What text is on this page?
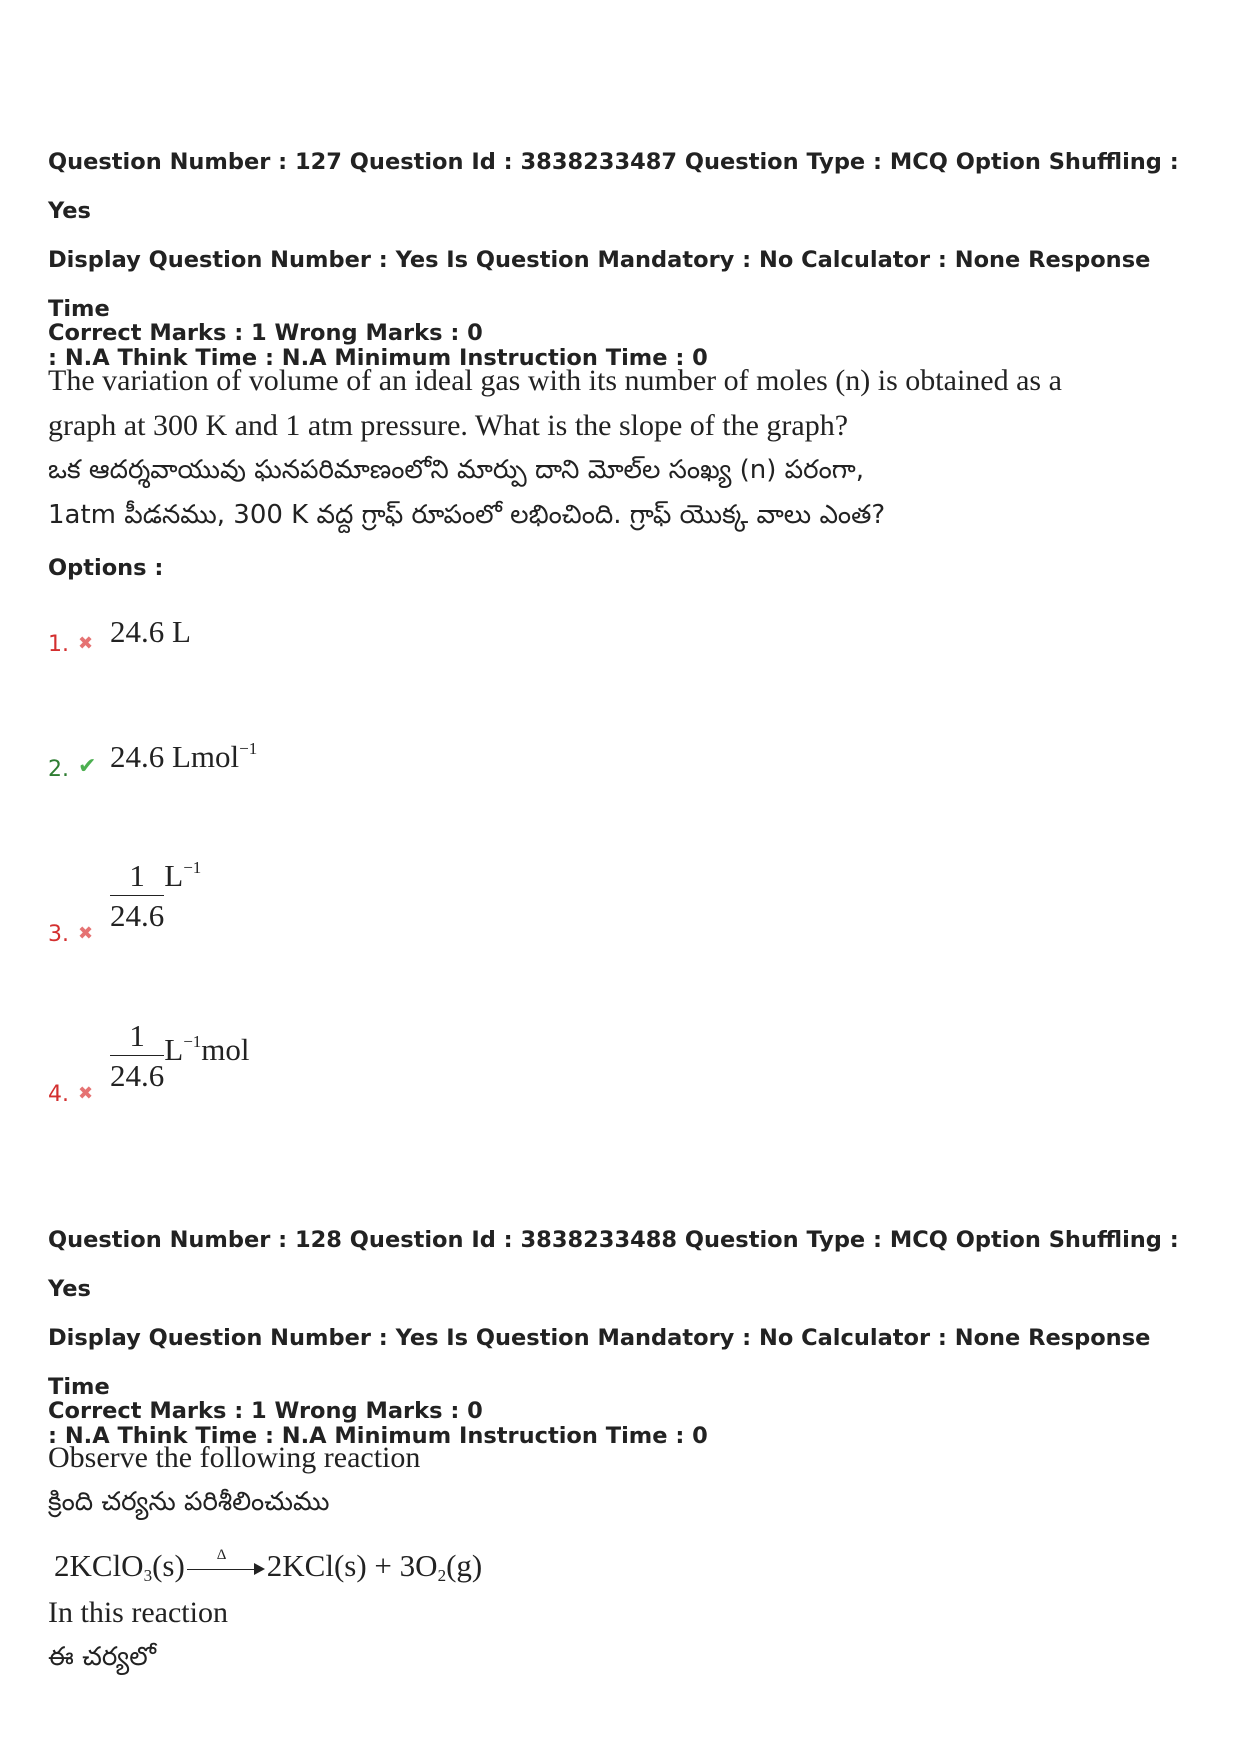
Question Number : 127 Question Id : 3838233487 Question Type : MCQ Option Shuffling : Yes
Display Question Number : Yes Is Question Mandatory : No Calculator : None Response Time
: N.A Think Time : N.A Minimum Instruction Time : 0
Correct Marks : 1 Wrong Marks : 0
The variation of volume of an ideal gas with its number of moles (n) is obtained as a
graph at 300 K and 1 atm pressure. What is the slope of the graph?
ఒక ఆదర్శవాయువు ఘనపరిమాణంలోని మార్పు దాని మోల్‌ల సంఖ్య (n) పరంగా,
1atm పీడనము, 300 K వద్ద గ్రాఫ్ రూపంలో లభించింది. గ్రాఫ్ యొక్క వాలు ఎంత?
Options :
1. ✖ 24.6 L
2. ✔ 24.6 Lmol$^{-1}$
3. ✖
$\frac{1}{24.6} L^{-1}$
4. ✖
$\frac{1}{24.6} L^{-1}mol$
Question Number : 128 Question Id : 3838233488 Question Type : MCQ Option Shuffling : Yes
Display Question Number : Yes Is Question Mandatory : No Calculator : None Response Time
: N.A Think Time : N.A Minimum Instruction Time : 0
Correct Marks : 1 Wrong Marks : 0
Observe the following reaction
క్రింది చర్యను పరిశీలించుము
2KClO$_3$(s) Δ $2KCl(s) + 3O_2(g)$
In this reaction
ఈ చర్యలో
